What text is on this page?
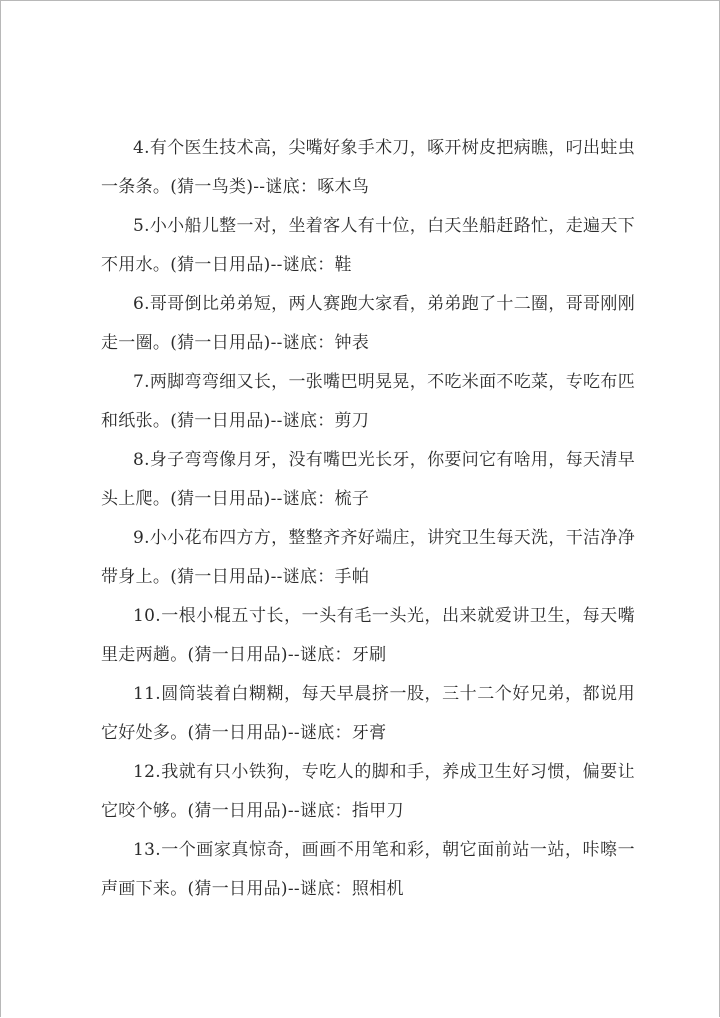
4.有个医生技术高，尖嘴好象手术刀，啄开树皮把病瞧，叼出蛀虫一条条。(猜一鸟类)--谜底：啄木鸟

5.小小船儿整一对，坐着客人有十位，白天坐船赶路忙，走遍天下不用水。(猜一日用品)--谜底：鞋

6.哥哥倒比弟弟短，两人赛跑大家看，弟弟跑了十二圈，哥哥刚刚走一圈。(猜一日用品)--谜底：钟表

7.两脚弯弯细又长，一张嘴巴明晃晃，不吃米面不吃菜，专吃布匹和纸张。(猜一日用品)--谜底：剪刀

8.身子弯弯像月牙，没有嘴巴光长牙，你要问它有啥用，每天清早头上爬。(猜一日用品)--谜底：梳子

9.小小花布四方方，整整齐齐好端庄，讲究卫生每天洗，干洁净净带身上。(猜一日用品)--谜底：手帕

10.一根小棍五寸长，一头有毛一头光，出来就爱讲卫生，每天嘴里走两趟。(猜一日用品)--谜底：牙刷

11.圆筒装着白糊糊，每天早晨挤一股，三十二个好兄弟，都说用它好处多。(猜一日用品)--谜底：牙膏

12.我就有只小铁狗，专吃人的脚和手，养成卫生好习惯，偏要让它咬个够。(猜一日用品)--谜底：指甲刀

13.一个画家真惊奇，画画不用笔和彩，朝它面前站一站，咔嚓一声画下来。(猜一日用品)--谜底：照相机
